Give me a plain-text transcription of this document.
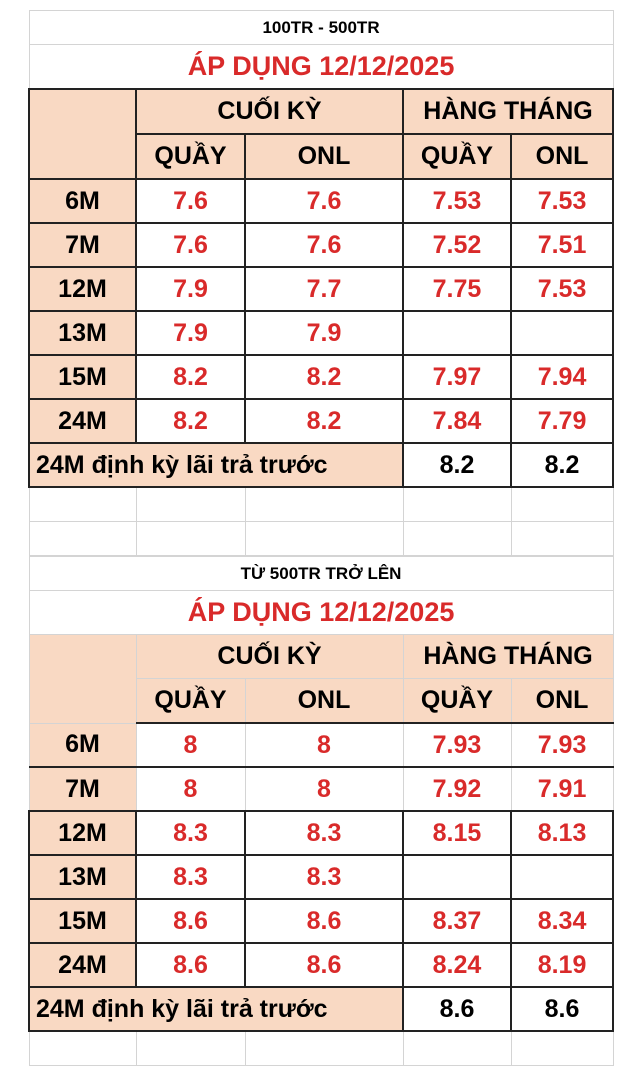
100TR - 500TR				
ÁP DỤNG 12/12/2025				
	CUỐI KỲ		HÀNG THÁNG	
	QUẦY	ONL	QUẦY	ONL
6M	7.6	7.6	7.53	7.53
7M	7.6	7.6	7.52	7.51
12M	7.9	7.7	7.75	7.53
13M	7.9	7.9		
15M	8.2	8.2	7.97	7.94
24M	8.2	8.2	7.84	7.79
24M định kỳ lãi trả trước			8.2	8.2

TỪ 500TR TRỞ LÊN				
ÁP DỤNG 12/12/2025				
	CUỐI KỲ		HÀNG THÁNG	
	QUẦY	ONL	QUẦY	ONL
6M	8	8	7.93	7.93
7M	8	8	7.92	7.91
12M	8.3	8.3	8.15	8.13
13M	8.3	8.3		
15M	8.6	8.6	8.37	8.34
24M	8.6	8.6	8.24	8.19
24M định kỳ lãi trả trước			8.6	8.6
